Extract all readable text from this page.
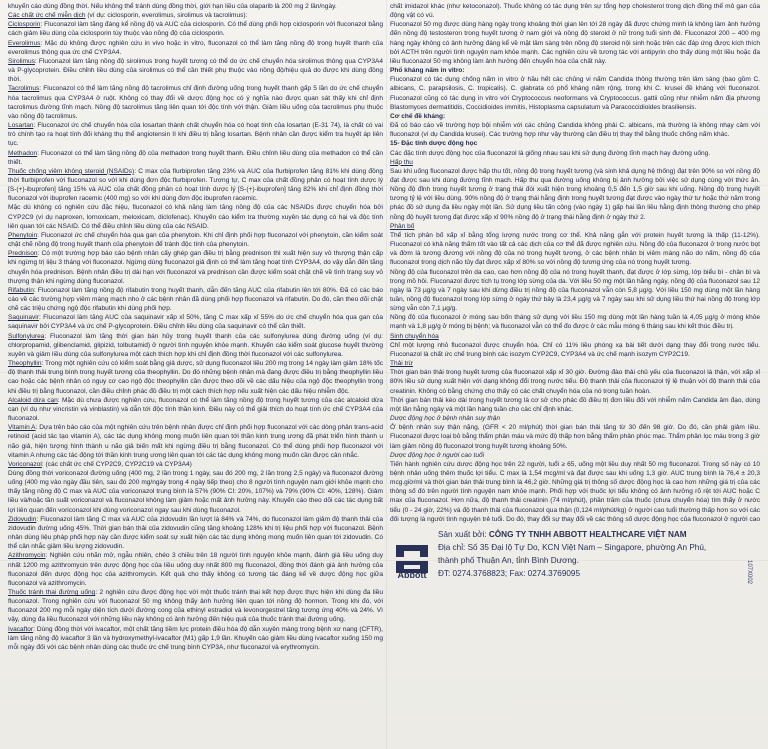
khuyến cáo dùng đồng thời. Nếu không thể tránh dùng đồng thời, giới hạn liều của olaparib là 200 mg 2 lần/ngày.

Các chất ức chế miễn dịch (ví dụ: ciclosporin, everolimus, sirolimus và tacrolimus):

Ciclosporin: Fluconazol làm tăng đáng kể nồng độ và AUC của ciclosporin. Có thể dùng phối hợp ciclosporin với fluconazol bằng cách giảm liều dùng của ciclosporin tùy thuộc vào nồng độ của ciclosporin.

Everolimus: Mặc dù không được nghiên cứu in vivo hoặc in vitro, fluconazol có thể làm tăng nồng độ trong huyết thanh của everolimus thông qua ức chế CYP3A4.

Sirolimus: Fluconazol làm tăng nồng độ sirolimus trong huyết tương có thể do ức chế chuyển hóa sirolimus thông qua CYP3A4 và P-glycoprotein. Điều chỉnh liều dùng của sirolimus có thể cần thiết phụ thuộc vào nồng độ/hiệu quả do được khi dùng đồng thời.

Tacrolimus: Fluconazol có thể làm tăng nồng độ tacrolimus chỉ định đường uống trong huyết thanh gấp 5 lần do ức chế chuyển hóa tacrolimus qua CYP3A4 ở ruột. Không có thay đổi về dược động học có ý nghĩa nào được quan sát thấy khi chỉ định tacrolimus đường tĩnh mạch. Nồng độ tacrolimus tăng liên quan tới độc tính với thận. Giảm liều uống của tacrolimus phụ thuộc vào nồng độ tacrolimus.

Losartan: Fluconazol ức chế chuyển hóa của losartan thành chất chuyển hóa có hoạt tính của losartan (E-31 74), là chất có vai trò chính tạo ra hoạt tính đối kháng thụ thể angiotensin II khi điều trị bằng losartan. Bệnh nhân cần được kiểm tra huyết áp liên tục.

Methadon: Fluconazol có thể làm tăng nồng độ của methadon trong huyết thanh. Điều chỉnh liều dùng của methadon có thể cần thiết.

Thuốc chống viêm không steroid (NSAIDs): C max của flurbiprofen tăng 23% và AUC của flurbiprofen tăng 81% khi dùng đồng thời flurbiprofen với fluconazol so với khi dùng đơn độc flurbiprofen. Tương tự, C max của chất đồng phân có hoạt tính dược lý [S-(+)-ibuprofen] tăng 15% và AUC của chất đồng phân có hoạt tính dược lý [S-(+)-ibuprofen] tăng 82% khi chỉ định đồng thời fluconazol với ibuprofen racemic (400 mg) so với khi dùng đơn độc ibuprofen racemic.

Mặc dù không có nghiên cứu đặc hiệu, fluconazol có khả năng làm tăng nồng độ của các NSAIDs được chuyển hóa bởi CYP2C9 (ví dụ naproxen, lornoxicam, meloxicam, diclofenac). Khuyến cáo kiểm tra thường xuyên tác dụng có hại và độc tính liên quan tới các NSAID. Có thể điều chỉnh liều dùng của các NSAID.

Phenytoin: Fluconazol ức chế chuyển hóa qua gan của phenytoin. Khi chỉ định phối hợp fluconazol với phenytoin, cần kiểm soát chặt chẽ nồng độ trong huyết thanh của phenytoin để tránh độc tính của phenytoin.

Prednison: Có một trường hợp báo cáo bệnh nhân cấy ghép gan điều trị bằng prednison thì xuất hiện suy vỏ thượng thận cấp khi ngừng trị liệu 3 tháng với fluconazol. Ngừng dùng fluconazol giả định có thể làm tăng hoạt tính CYP3A4, do vậy dẫn đến tăng chuyển hóa prednison. Bệnh nhân điều trị dài hạn với fluconazol và prednison cần được kiểm soát chặt chẽ về tình trạng suy vỏ thượng thận khi ngừng dùng fluconazol.

Rifabutin: Fluconazol làm tăng nồng độ rifabutin trong huyết thanh, dẫn đến tăng AUC của rifabutin lên tới 80%. Đã có các báo cáo về các trường hợp viêm màng mạch nho ở các bệnh nhân đã dùng phối hợp fluconazol và rifabutin. Do đó, cần theo dõi chặt chẽ các triệu chứng ngộ độc rifabutin khi dùng phối hợp.

Saquinavir: Fluconazol làm tăng AUC của saquinavir xấp xỉ 50%, tăng C max xấp xỉ 55% do ức chế chuyển hóa qua gan của saquinavir bởi CYP3A4 và ức chế P-glycoprotein. Điều chỉnh liều dùng của saquinavir có thể cần thiết.

Sulfonylurea: Fluconazol làm tăng thời gian bán hủy trong huyết thanh của các sulfonylurea dùng đường uống (ví dụ: chlorpropamid, glibenclamid, glipizid, tolbutamid) ở người tình nguyện khỏe mạnh. Khuyến cáo kiểm soát glucose huyết thường xuyên và giảm liều dùng của sulfonylurea một cách thích hợp khi chỉ định đồng thời fluconazol với các sulfonylurea.

Theophyllin: Trong một nghiên cứu có kiểm soát bằng giả dược, sử dụng fluconazol liều 200 mg trong 14 ngày làm giảm 18% tốc độ thanh thải trung bình trong huyết tương của theophyllin. Do đó những bệnh nhân mà đang được điều trị bằng theophyllin liều cao hoặc các bệnh nhân có nguy cơ cao ngộ độc theophyllin cần được theo dõi về các dấu hiệu của ngộ độc theophyllin trong khi điều trị bằng fluconazol, cần điều chỉnh phác đồ điều trị một cách thích hợp nếu xuất hiện các dấu hiệu nhiễm độc.

Alcaloid dừa cạn: Mặc dù chưa được nghiên cứu, fluconazol có thể làm tăng nồng độ trong huyết tương của các alcaloid dừa cạn (ví dụ như vincristin và vinblastin) và dẫn tới độc tính thần kinh. Điều này có thể giải thích do hoạt tính ức chế CYP3A4 của fluconazol.

Vitamin A: Dựa trên báo cáo của một nghiên cứu trên bệnh nhân được chỉ định phối hợp fluconazol với các dòng phân trans-acid retinoid (acid tác tạo vitamin A), các tác dụng không mong muốn liên quan tới thần kinh trung ương đã phát triển hình thành u não giả, hiện tượng hình thành u não giả biến mất khi ngừng điều trị bằng fluconazol. Có thể dùng phối hợp fluconazol với vitamin A nhưng các tác động tới thần kinh trung ương liên quan tới các tác dụng không mong muốn cần được cân nhắc.

Voriconazol: (các chất ức chế CYP2C9, CYP2C19 và CYP3A4)

Dùng đồng thời voriconazol đường uống (400 mg, 2 lần trong 1 ngày, sau đó 200 mg, 2 lần trong 2,5 ngày) và fluconazol đường uống (400 mg vào ngày đầu tiên, sau đó 200 mg/ngày trong 4 ngày tiếp theo) cho 8 người tình nguyện nam giới khỏe mạnh cho thấy tăng nồng độ C max và AUC của voriconazol trung bình là 57% (90% CI: 20%, 107%) và 79% (90% CI: 40%, 128%). Giảm liều và/hoặc tần suất voriconazol và fluconazol không làm giảm hoặc mất ảnh hưởng này. Khuyến cáo theo dõi các tác dụng bất lợi liên quan đến voriconazol khi dùng voriconazol ngay sau khi dùng fluconazol.

Zidovudin: Fluconazol làm tăng C max và AUC của zidovudin lần lượt là 84% và 74%, do fluconazol làm giảm độ thanh thải của zidovudin đường uống 45%. Thời gian bán thải của zidovudin cũng tăng khoảng 128% khi trị liệu phối hợp với fluconazol. Bệnh nhân dùng liệu pháp phối hợp này cần được kiểm soát sự xuất hiện các tác dụng không mong muốn liên quan tới zidovudin. Có thể cân nhắc giảm liều lượng zidovudin.

Azithromycin: Nghiên cứu nhãn mở, ngẫu nhiên, chéo 3 chiều trên 18 người tình nguyện khỏe mạnh, đánh giá liều uống duy nhất 1200 mg azithromycin trên dược động học của liều uống duy nhất 800 mg fluconazol, đồng thời đánh giá ảnh hưởng của fluconazol đến dược động học của azithromycin. Kết quả cho thấy không có tương tác đáng kể về dược động học giữa fluconazol và azithromycin.

Thuốc tránh thai đường uống: 2 nghiên cứu được động học với một thuốc tránh thai kết hợp được thực hiện khi dùng đa liều fluconazol. Trong nghiên cứu với fluconazol 50 mg không thấy ảnh hưởng liên quan tới nồng độ hormon. Trong khi đó, với fluconazol 200 mg mỗi ngày diện tích dưới đường cong của ethinyl estradiol và levonorgestrel tăng tương ứng 40% và 24%. Vì vậy, dùng đa liều fluconazol với những liều này không có ảnh hưởng đến hiệu quả của thuốc tránh thai đường uống.

Ivacaftor: Dùng đồng thời với ivacaftor, một chất tăng tiềm lực protein điều hòa độ dẫn xuyên màng trong bệnh xơ nang (CFTR), làm tăng nồng độ ivacaftor 3 lần và hydroxymethyl-ivacaftor (M1) gấp 1,9 lần. Khuyến cáo giảm liều dùng ivacaftor xuống 150 mg mỗi ngày đối với các bệnh nhân dùng các thuốc ức chế trung bình CYP3A, như fluconazol và erythromycin.

chất imidazol khác (như ketoconazol). Thuốc không có tác dụng trên sự tổng hợp cholesterol trong dịch đồng thể mô gan của động vật có vú.

Fluconazol 50 mg được dùng hàng ngày trong khoảng thời gian lên tới 28 ngày đã được chứng minh là không làm ảnh hưởng đến nồng độ testosteron trong huyết tương ở nam giới và nồng độ steroid ở nữ trong tuổi sinh đẻ. Fluconazol 200 – 400 mg hàng ngày không có ảnh hưởng đáng kể về mặt lâm sàng trên nồng độ steroid nội sinh hoặc trên các đáp ứng được kích thích bởi ACTH trên người tình nguyện nam khỏe mạnh. Các nghiên cứu về tương tác với antipyrin cho thấy dùng một liều hoặc đa liều fluconazol 50 mg không làm ảnh hưởng đến chuyển hóa của chất này.

Phổ kháng nấm in vitro:

Fluconazol có tác dụng chống nấm in vitro ở hầu hết các chủng vi nấm Candida thông thường trên lâm sàng (bao gồm C. albicans, C. parapsilosis, C. tropicalis). C. glabrata có phổ kháng nấm rộng, trong khi C. krusei đề kháng với fluconazol. Fluconazol cũng có tác dụng in vitro với Cryptococcus neoformans và Cryptococcus. gattii cũng như nhiễm nấm địa phương Blastomyces dermatitidis, Coccidioides immitis, Histoplasma capsulatum và Paracoccidioides brasiliensis.

Cơ chế đề kháng:

Đã có báo cáo về trường hợp bội nhiễm với các chủng Candida không phải C. albicans, mà thường là không nhạy cảm với fluconazol (ví dụ Candida krusei). Các trường hợp như vậy thường cần điều trị thay thế bằng thuốc chống nấm khác.

15- Đặc tính dược động học

Các đặc tính dược động học của fluconazol là giống nhau sau khi sử dụng đường tĩnh mạch hay đường uống.

Hấp thu

Sau khi uống fluconazol được hấp thu tốt, nồng độ trong huyết tương (và sinh khả dụng hệ thống) đạt trên 90% so với nồng độ đạt được sau khi dùng đường tĩnh mạch. Hấp thu qua đường uống không bị ảnh hưởng bởi việc sử dụng cùng với thức ăn. Nồng độ đỉnh trong huyết tương ở trạng thái đói xuất hiện trong khoảng 0,5 đến 1,5 giờ sau khi uống. Nồng độ trong huyết tương tỷ lệ với liều dùng. 90% nồng độ ở trạng thái hằng định trong huyết tương đạt được vào ngày thứ tư hoặc thứ năm trong phác đồ sử dụng đa liều ngày một lần. Sử dụng liều tấn công (vào ngày 1) gấp hai lần liều hằng định thông thường cho phép nồng độ huyết tương đạt được xấp xỉ 90% nồng độ ở trạng thái hằng định ở ngày thứ 2.

Phân bố

Thể tích phân bố xấp xỉ bằng tổng lượng nước trong cơ thể. Khả năng gắn với protein huyết tương là thấp (11-12%). Fluconazol có khả năng thấm tốt vào tất cả các dịch của cơ thể đã được nghiên cứu. Nồng độ của fluconazol ở trong nước bọt và đờm là tương đương với nồng độ của nó trong huyết tương, ở các bệnh nhân bị viêm màng não do nấm, nồng độ của fluconazol trong dịch não tủy đạt được xấp xỉ 80% so với nồng độ tương ứng của nó trong huyết tương.

Nồng độ của fluconazol trên da cao, cao hơn nồng độ của nó trong huyết thanh, đạt được ở lớp sừng, lớp biểu bì - chân bì và trong mồ hôi. Fluconazol được tích tụ trong lớp sừng của da. Với liều 50 mg một lần hằng ngày, nồng độ của fluconazol sau 12 ngày là 73 µg/g và 7 ngày sau khi dừng điều trị nồng độ của fluconazol vẫn còn 5,8 µg/g. Với liều 150 mg dùng một lần hàng tuần, nồng độ fluconazol trong lớp sừng ở ngày thứ bảy là 23,4 µg/g và 7 ngày sau khi sử dụng liều thứ hai nồng độ trong lớp sừng vẫn còn 7,1 µg/g.

Nồng độ của fluconazol ở móng sau bốn tháng sử dụng với liều 150 mg dùng một lần hàng tuần là 4,05 µg/g ở móng khỏe mạnh và 1,8 µg/g ở móng bị bệnh; và fluconazol vẫn có thể đo được ở các mẫu móng 6 tháng sau khi kết thúc điều trị.

Sinh chuyển hóa

Chỉ một lượng nhỏ fluconazol được chuyển hóa. Chỉ có 11% liều phóng xạ bài tiết dưới dạng thay đổi trong nước tiểu. Fluconazol là chất ức chế trung bình các isozym CYP2C9, CYP3A4 và ức chế mạnh isozym CYP2C19.

Thải trừ

Thời gian bán thải trong huyết tương của fluconazol xấp xỉ 30 giờ. Đường đào thải chủ yếu của fluconazol là thận, với xấp xỉ 80% liều sử dụng xuất hiện với dạng không đổi trong nước tiểu. Độ thanh thải của fluconazol tỷ lệ thuận với độ thanh thải của creatinin. Không có bằng chứng cho thấy có các chất chuyển hóa của nó trong tuần hoàn.

Thời gian bán thải kéo dài trong huyết tương là cơ sở cho phác đồ điều trị đơn liều đối với nhiễm nấm Candida âm đạo, dùng một lần hằng ngày và một lần hàng tuần cho các chỉ định khác.

Dược động học ở bệnh nhân suy thận

Ở bệnh nhân suy thận nặng, (GFR < 20 ml/phút) thời gian bán thải tăng từ 30 đến 98 giờ. Do đó, cần phải giảm liều. Fluconazol được loại bỏ bằng thẩm phân máu và mức độ thấp hơn bằng thẩm phân phúc mạc. Thẩm phân lọc máu trong 3 giờ làm giảm nồng độ fluconazol trong huyết tương khoảng 50%.

Dược động học ở người cao tuổi

Tiến hành nghiên cứu dược động học trên 22 người, tuổi ≥ 65, uống một liều duy nhất 50 mg fluconazol. Trong số này có 10 bệnh nhân uống thêm thuốc lợi tiểu. C max là 1,54 mcg/ml và đạt được sau khi uống 1,3 giờ. AUC trung bình là 76,4 ± 20,3 mcg.giờ/ml và thời gian bán thải trung bình là 46,2 giờ. Những giá trị thông số dược động học là cao hơn những giá trị của các thông số đó trên người tình nguyện nam khỏe mạnh. Phối hợp với thuốc lợi tiểu không có ảnh hưởng rõ rệt tới AUC hoặc C max của fluconazol. Hơn nữa, độ thanh thải creatinin (74 ml/phút), phần trăm của thuốc (chưa chuyển hóa) tìm thấy ở nước tiểu (0 - 24 giờ, 22%) và độ thanh thải của fluconazol qua thận (0,124 ml/phút/kg) ở người cao tuổi thường thấp hơn so với các đối tượng là người tình nguyện trẻ tuổi. Do đó, thay đổi sự thay đổi về các thông số dược động học của fluconazol ở người cao

Abbott
Sản xuất bởi: CÔNG TY TNHH ABBOTT HEALTHCARE VIỆT NAM
Địa chỉ: Số 35 Đại lộ Tự Do, KCN Việt Nam – Singapore, phường An Phú,
thành phố Thuận An, tỉnh Bình Dương.
ĐT: 0274.3768823; Fax: 0274.3769095	107X002
